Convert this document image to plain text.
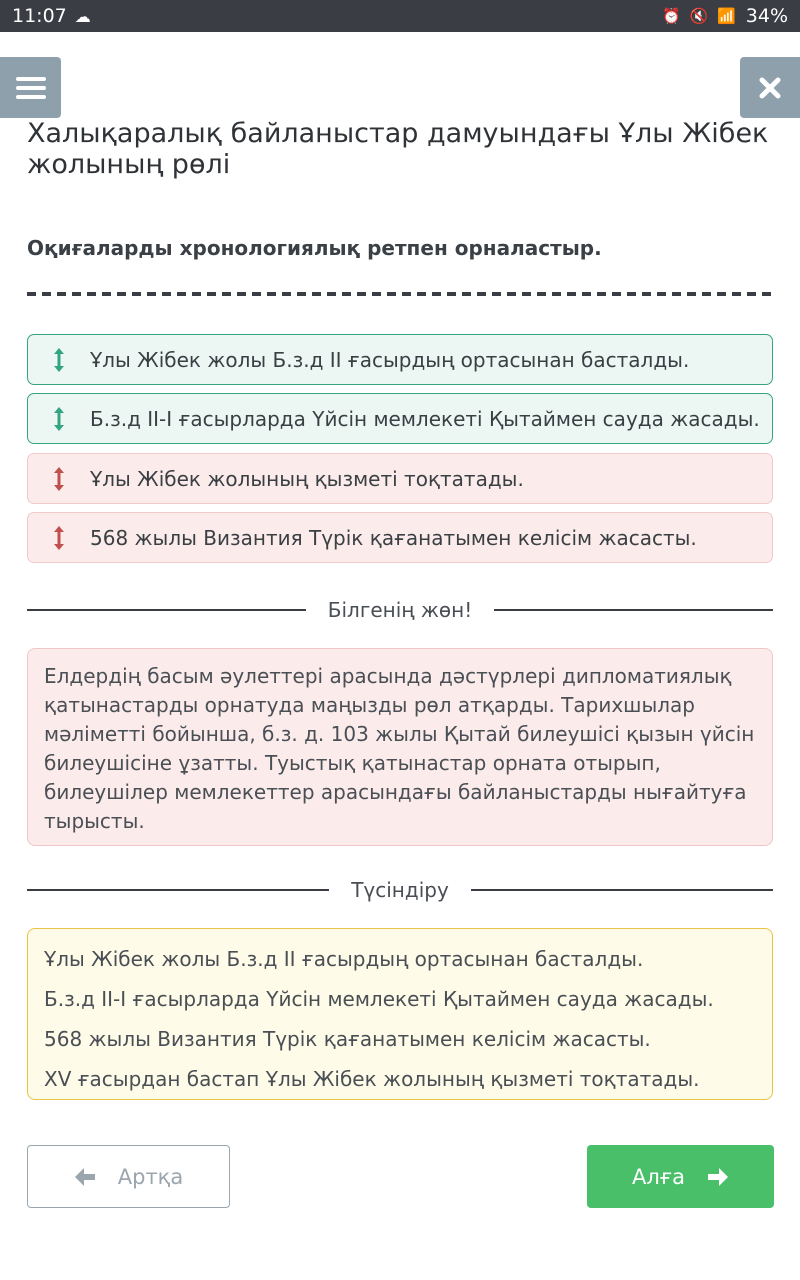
11:07 ☁	⏰ 🔇 📶 34%
Халықаралық байланыстар дамуындағы Ұлы Жібек жолының рөлі
Оқиғаларды хронологиялық ретпен орналастыр.
Ұлы Жібек жолы Б.з.д II ғасырдың ортасынан басталды.
Б.з.д II-I ғасырларда Үйсін мемлекеті Қытаймен сауда жасады.
Ұлы Жібек жолының қызметі тоқтатады.
568 жылы Византия Түрік қағанатымен келісім жасасты.
Білгенің жөн!
Елдердің басым әулеттері арасында дәстүрлері дипломатиялық қатынастарды орнатуда маңызды рөл атқарды. Тарихшылар мәліметті бойынша, б.з. д. 103 жылы Қытай билеушісі қызын үйсін билеушісіне ұзатты. Туыстық қатынастар орната отырып, билеушілер мемлекеттер арасындағы байланыстарды нығайтуға тырысты.
Түсіндіру

Ұлы Жібек жолы Б.з.д II ғасырдың ортасынан басталды.

Б.з.д II-I ғасырларда Үйсін мемлекеті Қытаймен сауда жасады.

568 жылы Византия Түрік қағанатымен келісім жасасты.

XV ғасырдан бастап Ұлы Жібек жолының қызметі тоқтатады.

Артқа	Алға
